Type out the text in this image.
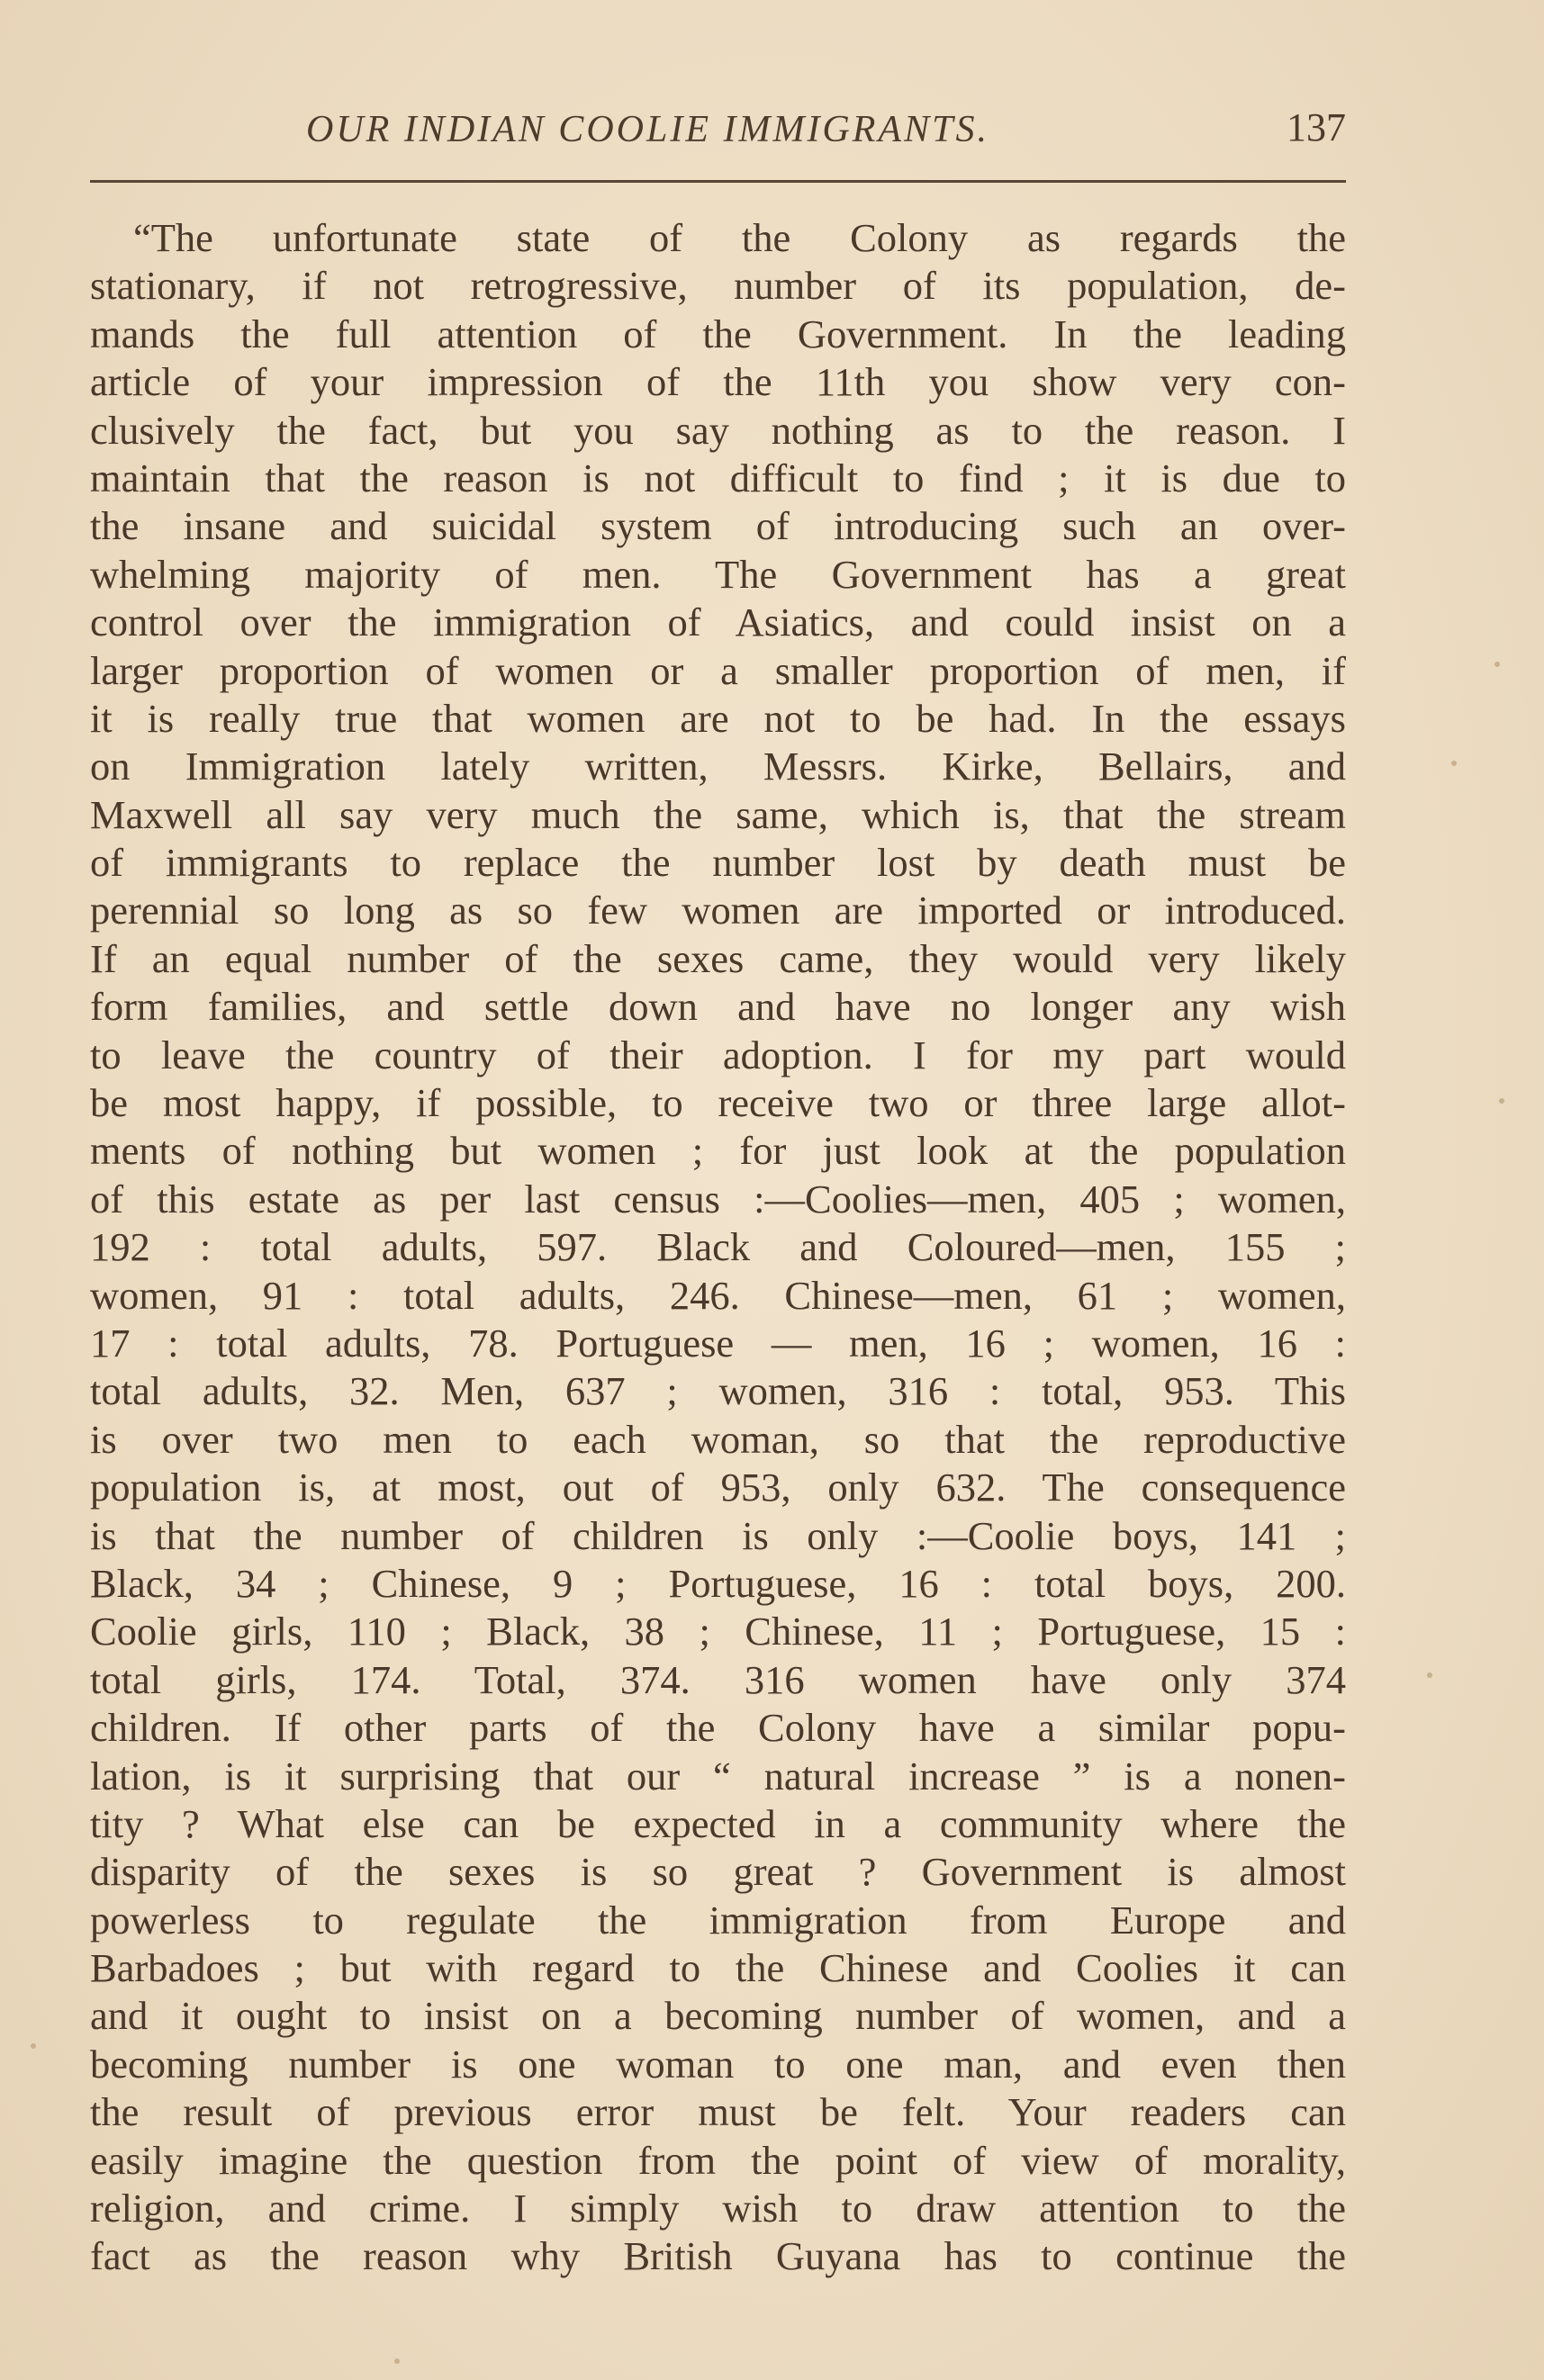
OUR INDIAN COOLIE IMMIGRANTS.	137
“The unfortunate state of the Colony as regards the
stationary, if not retrogressive, number of its population, de-
mands the full attention of the Government. In the leading
article of your impression of the 11th you show very con-
clusively the fact, but you say nothing as to the reason. I
maintain that the reason is not difficult to find ; it is due to
the insane and suicidal system of introducing such an over-
whelming majority of men. The Government has a great
control over the immigration of Asiatics, and could insist on a
larger proportion of women or a smaller proportion of men, if
it is really true that women are not to be had. In the essays
on Immigration lately written, Messrs. Kirke, Bellairs, and
Maxwell all say very much the same, which is, that the stream
of immigrants to replace the number lost by death must be
perennial so long as so few women are imported or introduced.
If an equal number of the sexes came, they would very likely
form families, and settle down and have no longer any wish
to leave the country of their adoption. I for my part would
be most happy, if possible, to receive two or three large allot-
ments of nothing but women ; for just look at the population
of this estate as per last census :—Coolies—men, 405 ; women,
192 : total adults, 597. Black and Coloured—men, 155 ;
women, 91 : total adults, 246. Chinese—men, 61 ; women,
17 : total adults, 78. Portuguese — men, 16 ; women, 16 :
total adults, 32. Men, 637 ; women, 316 : total, 953. This
is over two men to each woman, so that the reproductive
population is, at most, out of 953, only 632. The consequence
is that the number of children is only :—Coolie boys, 141 ;
Black, 34 ; Chinese, 9 ; Portuguese, 16 : total boys, 200.
Coolie girls, 110 ; Black, 38 ; Chinese, 11 ; Portuguese, 15 :
total girls, 174. Total, 374. 316 women have only 374
children. If other parts of the Colony have a similar popu-
lation, is it surprising that our “ natural increase ” is a nonen-
tity ? What else can be expected in a community where the
disparity of the sexes is so great ? Government is almost
powerless to regulate the immigration from Europe and
Barbadoes ; but with regard to the Chinese and Coolies it can
and it ought to insist on a becoming number of women, and a
becoming number is one woman to one man, and even then
the result of previous error must be felt. Your readers can
easily imagine the question from the point of view of morality,
religion, and crime. I simply wish to draw attention to the
fact as the reason why British Guyana has to continue the
